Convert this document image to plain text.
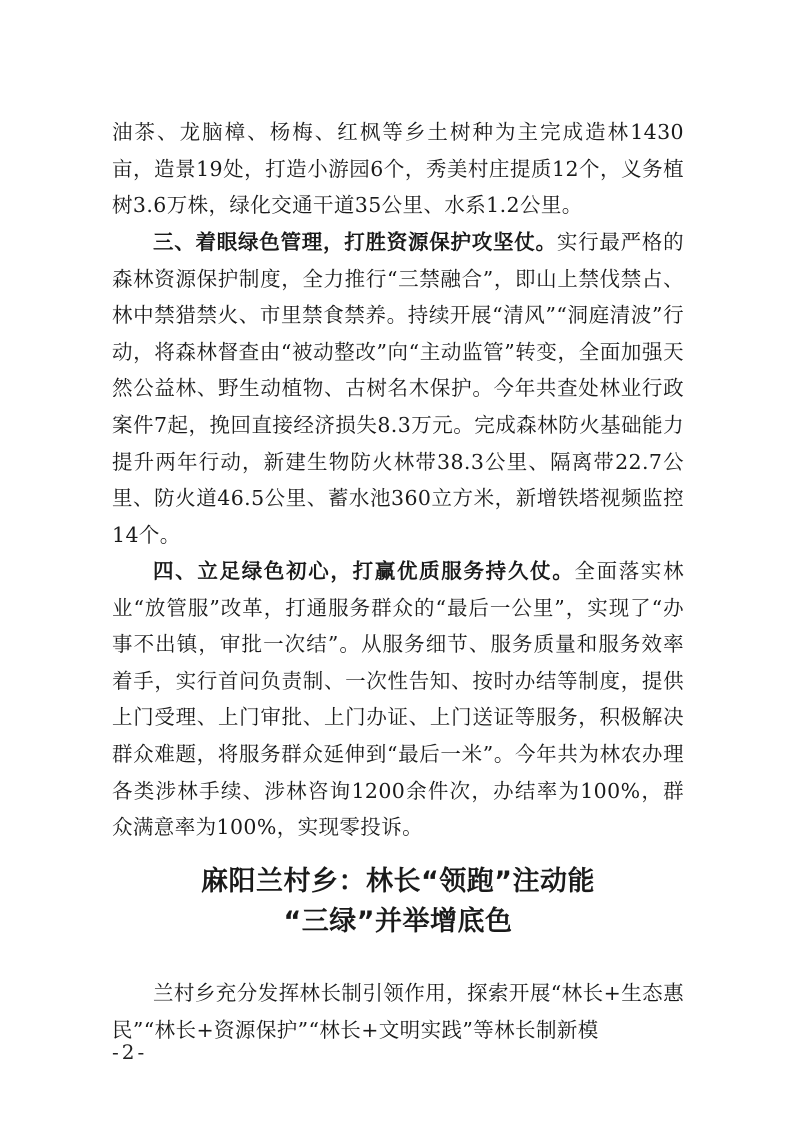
油茶、龙脑樟、杨梅、红枫等乡土树种为主完成造林1430亩，造景19处，打造小游园6个，秀美村庄提质12个，义务植树3.6万株，绿化交通干道35公里、水系1.2公里。

三、着眼绿色管理，打胜资源保护攻坚仗。实行最严格的森林资源保护制度，全力推行“三禁融合”，即山上禁伐禁占、林中禁猎禁火、市里禁食禁养。持续开展“清风”“洞庭清波”行动，将森林督查由“被动整改”向“主动监管”转变，全面加强天然公益林、野生动植物、古树名木保护。今年共查处林业行政案件7起，挽回直接经济损失8.3万元。完成森林防火基础能力提升两年行动，新建生物防火林带38.3公里、隔离带22.7公里、防火道46.5公里、蓄水池360立方米，新增铁塔视频监控14个。

四、立足绿色初心，打赢优质服务持久仗。全面落实林业“放管服”改革，打通服务群众的“最后一公里”，实现了“办事不出镇，审批一次结”。从服务细节、服务质量和服务效率着手，实行首问负责制、一次性告知、按时办结等制度，提供上门受理、上门审批、上门办证、上门送证等服务，积极解决群众难题，将服务群众延伸到“最后一米”。今年共为林农办理各类涉林手续、涉林咨询1200余件次，办结率为100%，群众满意率为100%，实现零投诉。

麻阳兰村乡：林长“领跑”注动能
“三绿”并举增底色

兰村乡充分发挥林长制引领作用，探索开展“林长+生态惠民”“林长+资源保护”“林长+文明实践”等林长制新模

-2-
